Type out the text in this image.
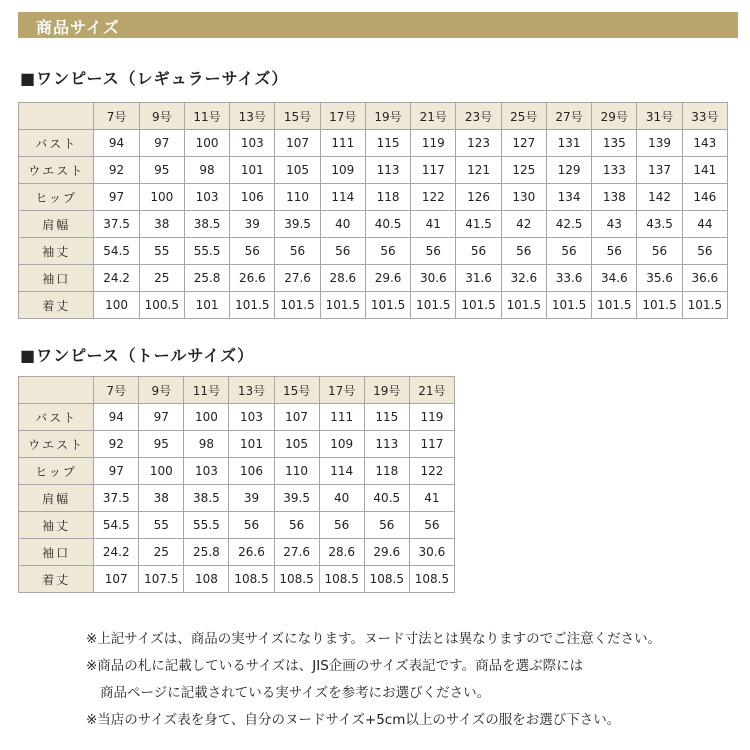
商品サイズ
■ワンピース（レギュラーサイズ）
	7号	9号	11号	13号	15号	17号	19号	21号	23号	25号	27号	29号	31号	33号
バスト	94	97	100	103	107	111	115	119	123	127	131	135	139	143
ウエスト	92	95	98	101	105	109	113	117	121	125	129	133	137	141
ヒップ	97	100	103	106	110	114	118	122	126	130	134	138	142	146
肩幅	37.5	38	38.5	39	39.5	40	40.5	41	41.5	42	42.5	43	43.5	44
袖丈	54.5	55	55.5	56	56	56	56	56	56	56	56	56	56	56
袖口	24.2	25	25.8	26.6	27.6	28.6	29.6	30.6	31.6	32.6	33.6	34.6	35.6	36.6
着丈	100	100.5	101	101.5	101.5	101.5	101.5	101.5	101.5	101.5	101.5	101.5	101.5	101.5
■ワンピース（トールサイズ）
	7号	9号	11号	13号	15号	17号	19号	21号
バスト	94	97	100	103	107	111	115	119
ウエスト	92	95	98	101	105	109	113	117
ヒップ	97	100	103	106	110	114	118	122
肩幅	37.5	38	38.5	39	39.5	40	40.5	41
袖丈	54.5	55	55.5	56	56	56	56	56
袖口	24.2	25	25.8	26.6	27.6	28.6	29.6	30.6
着丈	107	107.5	108	108.5	108.5	108.5	108.5	108.5
※上記サイズは、商品の実サイズになります。ヌード寸法とは異なりますのでご注意ください。
※商品の札に記載しているサイズは、JIS企画のサイズ表記です。商品を選ぶ際には
商品ページに記載されている実サイズを参考にお選びください。
※当店のサイズ表を身て、自分のヌードサイズ+5cm以上のサイズの服をお選び下さい。
